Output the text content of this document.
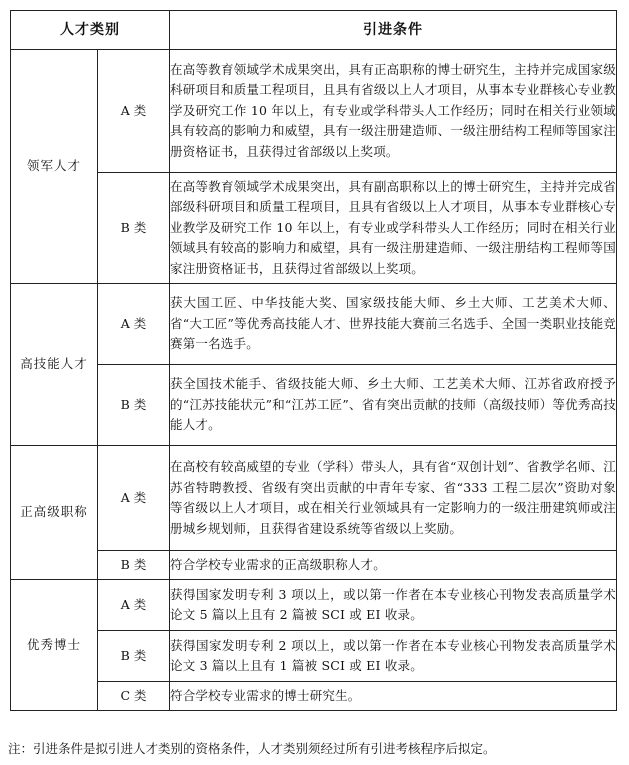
人才类别		引进条件
领军人才	A 类	在高等教育领域学术成果突出，具有正高职称的博士研究生，主持并完成国家级科研项目和质量工程项目，且具有省级以上人才项目，从事本专业群核心专业教学及研究工作 10 年以上，有专业或学科带头人工作经历；同时在相关行业领域具有较高的影响力和威望，具有一级注册建造师、一级注册结构工程师等国家注册资格证书，且获得过省部级以上奖项。
	B 类	在高等教育领域学术成果突出，具有副高职称以上的博士研究生，主持并完成省部级科研项目和质量工程项目，且具有省级以上人才项目，从事本专业群核心专业教学及研究工作 10 年以上，有专业或学科带头人工作经历；同时在相关行业领域具有较高的影响力和威望，具有一级注册建造师、一级注册结构工程师等国家注册资格证书，且获得过省部级以上奖项。
高技能人才	A 类	获大国工匠、中华技能大奖、国家级技能大师、乡土大师、工艺美术大师、省“大工匠”等优秀高技能人才、世界技能大赛前三名选手、全国一类职业技能竞赛第一名选手。
	B 类	获全国技术能手、省级技能大师、乡土大师、工艺美术大师、江苏省政府授予的“江苏技能状元”和“江苏工匠”、省有突出贡献的技师（高级技师）等优秀高技能人才。
正高级职称	A 类	在高校有较高威望的专业（学科）带头人，具有省“双创计划”、省教学名师、江苏省特聘教授、省级有突出贡献的中青年专家、省“333 工程二层次”资助对象等省级以上人才项目，或在相关行业领域具有一定影响力的一级注册建筑师或注册城乡规划师，且获得省建设系统等省级以上奖励。
	B 类	符合学校专业需求的正高级职称人才。
优秀博士	A 类	获得国家发明专利 3 项以上，或以第一作者在本专业核心刊物发表高质量学术论文 5 篇以上且有 2 篇被 SCI 或 EI 收录。
	B 类	获得国家发明专利 2 项以上，或以第一作者在本专业核心刊物发表高质量学术论文 3 篇以上且有 1 篇被 SCI 或 EI 收录。
	C 类	符合学校专业需求的博士研究生。
注：引进条件是拟引进人才类别的资格条件，人才类别须经过所有引进考核程序后拟定。
